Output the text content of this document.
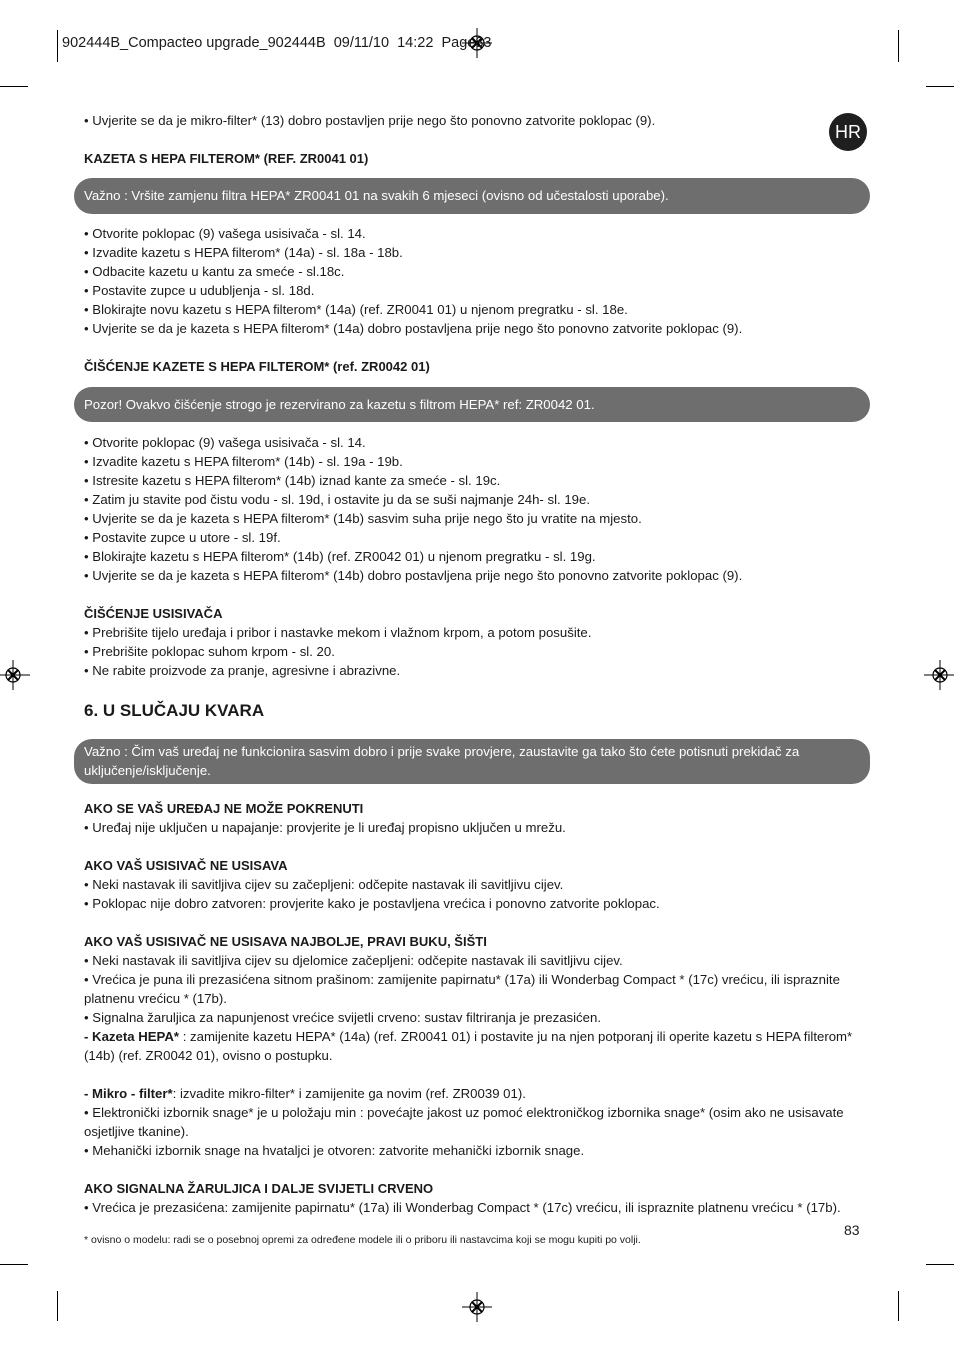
902444B_Compacteo upgrade_902444B  09/11/10  14:22  Page83
HR
• Uvjerite se da je mikro-filter* (13) dobro postavljen prije nego što ponovno zatvorite poklopac (9).
KAZETA S HEPA FILTEROM* (REF. ZR0041 01)
Važno : Vršite zamjenu filtra HEPA* ZR0041 01 na svakih 6 mjeseci (ovisno od učestalosti uporabe).
• Otvorite poklopac (9) vašega usisivača - sl. 14.
• Izvadite kazetu s HEPA filterom* (14a) - sl. 18a - 18b.
• Odbacite kazetu u kantu za smeće - sl.18c.
• Postavite zupce u udubljenja - sl. 18d.
• Blokirajte novu kazetu s HEPA filterom* (14a) (ref. ZR0041 01) u njenom pregratku - sl. 18e.
• Uvjerite se da je kazeta s HEPA filterom* (14a) dobro postavljena prije nego što ponovno zatvorite poklopac (9).
ČIŠĆENJE KAZETE S HEPA FILTEROM* (ref. ZR0042 01)
Pozor! Ovakvo čišćenje strogo je rezervirano za kazetu s filtrom HEPA* ref: ZR0042 01.
• Otvorite poklopac (9) vašega usisivača - sl. 14.
• Izvadite kazetu s HEPA filterom* (14b) - sl. 19a - 19b.
• Istresite kazetu s HEPA filterom* (14b) iznad kante za smeće - sl. 19c.
• Zatim ju stavite pod čistu vodu - sl. 19d, i ostavite ju da se suši najmanje 24h- sl. 19e.
• Uvjerite se da je kazeta s HEPA filterom* (14b) sasvim suha prije nego što ju vratite na mjesto.
• Postavite zupce u utore - sl. 19f.
• Blokirajte kazetu s HEPA filterom* (14b) (ref. ZR0042 01) u njenom pregratku - sl. 19g.
• Uvjerite se da je kazeta s HEPA filterom* (14b) dobro postavljena prije nego što ponovno zatvorite poklopac (9).
ČIŠĆENJE USISIVAČA
• Prebrišite tijelo uređaja i pribor i nastavke mekom i vlažnom krpom, a potom posušite.
• Prebrišite poklopac suhom krpom - sl. 20.
• Ne rabite proizvode za pranje, agresivne i abrazivne.
6. U SLUČAJU KVARA
Važno : Čim vaš uređaj ne funkcionira sasvim dobro i prije svake provjere, zaustavite ga tako što ćete potisnuti prekidač za uključenje/isključenje.
AKO SE VAŠ UREĐAJ NE MOŽE POKRENUTI
• Uređaj nije uključen u napajanje: provjerite je li uređaj propisno uključen u mrežu.
AKO VAŠ USISIVAČ NE USISAVA
• Neki nastavak ili savitljiva cijev su začepljeni: odčepite nastavak ili savitljivu cijev.
• Poklopac nije dobro zatvoren: provjerite kako je postavljena vrećica i ponovno zatvorite poklopac.
AKO VAŠ USISIVAČ NE USISAVA NAJBOLJE, PRAVI BUKU, ŠIŠTI
• Neki nastavak ili savitljiva cijev su djelomice začepljeni: odčepite nastavak ili savitljivu cijev.
• Vrećica je puna ili prezasićena sitnom prašinom: zamijenite papirnatu* (17a) ili Wonderbag Compact * (17c) vrećicu, ili ispraznite platnenu vrećicu * (17b).
• Signalna žaruljica za napunjenost vrećice svijetli crveno: sustav filtriranja je prezasićen.
- Kazeta HEPA* : zamijenite kazetu HEPA* (14a) (ref. ZR0041 01) i postavite ju na njen potporanj ili operite kazetu s HEPA filterom* (14b) (ref. ZR0042 01), ovisno o postupku.
- Mikro - filter*: izvadite mikro-filter* i zamijenite ga novim (ref. ZR0039 01).
• Elektronički izbornik snage* je u položaju min : povećajte jakost uz pomoć elektroničkog izbornika snage* (osim ako ne usisavate osjetljive tkanine).
• Mehanički izbornik snage na hvataljci je otvoren: zatvorite mehanički izbornik snage.
AKO SIGNALNA ŽARULJICA I DALJE SVIJETLI CRVENO
• Vrećica je prezasićena: zamijenite papirnatu* (17a) ili Wonderbag Compact * (17c) vrećicu, ili ispraznite platnenu vrećicu * (17b).
83
* ovisno o modelu: radi se o posebnoj opremi za određene modele ili o priboru ili nastavcima koji se mogu kupiti po volji.
